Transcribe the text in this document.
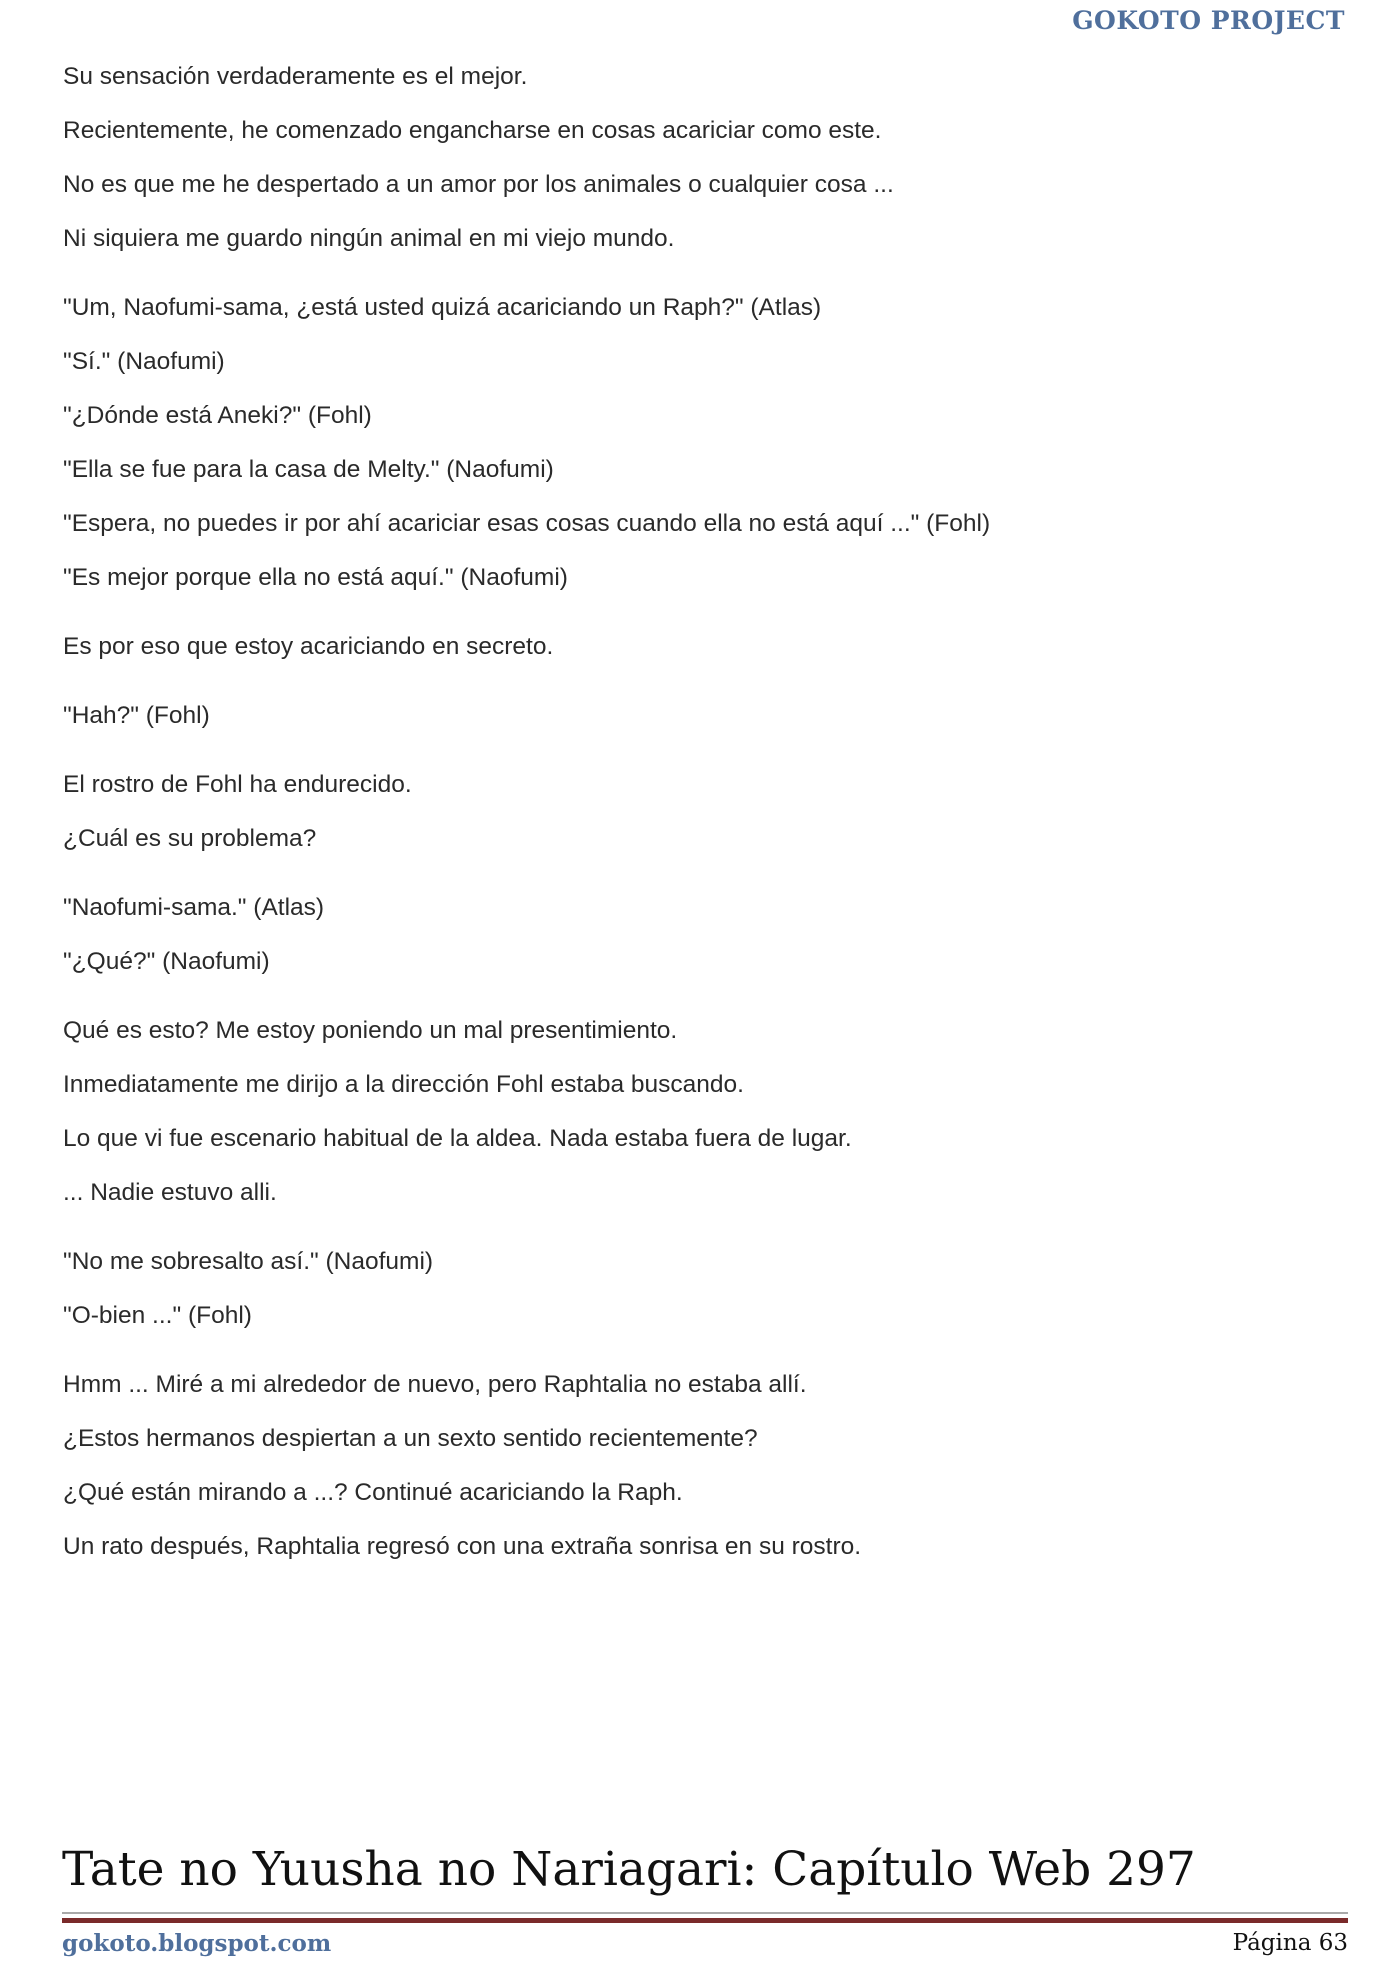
GOKOTO PROJECT

Su sensación verdaderamente es el mejor.

Recientemente, he comenzado engancharse en cosas acariciar como este.

No es que me he despertado a un amor por los animales o cualquier cosa ...

Ni siquiera me guardo ningún animal en mi viejo mundo.

"Um, Naofumi-sama, ¿está usted quizá acariciando un Raph?" (Atlas)

"Sí." (Naofumi)

"¿Dónde está Aneki?" (Fohl)

"Ella se fue para la casa de Melty." (Naofumi)

"Espera, no puedes ir por ahí acariciar esas cosas cuando ella no está aquí ..." (Fohl)

"Es mejor porque ella no está aquí." (Naofumi)

Es por eso que estoy acariciando en secreto.

"Hah?" (Fohl)

El rostro de Fohl ha endurecido.

¿Cuál es su problema?

"Naofumi-sama." (Atlas)

"¿Qué?" (Naofumi)

Qué es esto? Me estoy poniendo un mal presentimiento.

Inmediatamente me dirijo a la dirección Fohl estaba buscando.

Lo que vi fue escenario habitual de la aldea. Nada estaba fuera de lugar.

... Nadie estuvo alli.

"No me sobresalto así." (Naofumi)

"O-bien ..." (Fohl)

Hmm ... Miré a mi alrededor de nuevo, pero Raphtalia no estaba allí.

¿Estos hermanos despiertan a un sexto sentido recientemente?

¿Qué están mirando a ...? Continué acariciando la Raph.

Un rato después, Raphtalia regresó con una extraña sonrisa en su rostro.

Tate no Yuusha no Nariagari: Capítulo Web 297
gokoto.blogspot.com	Página 63
